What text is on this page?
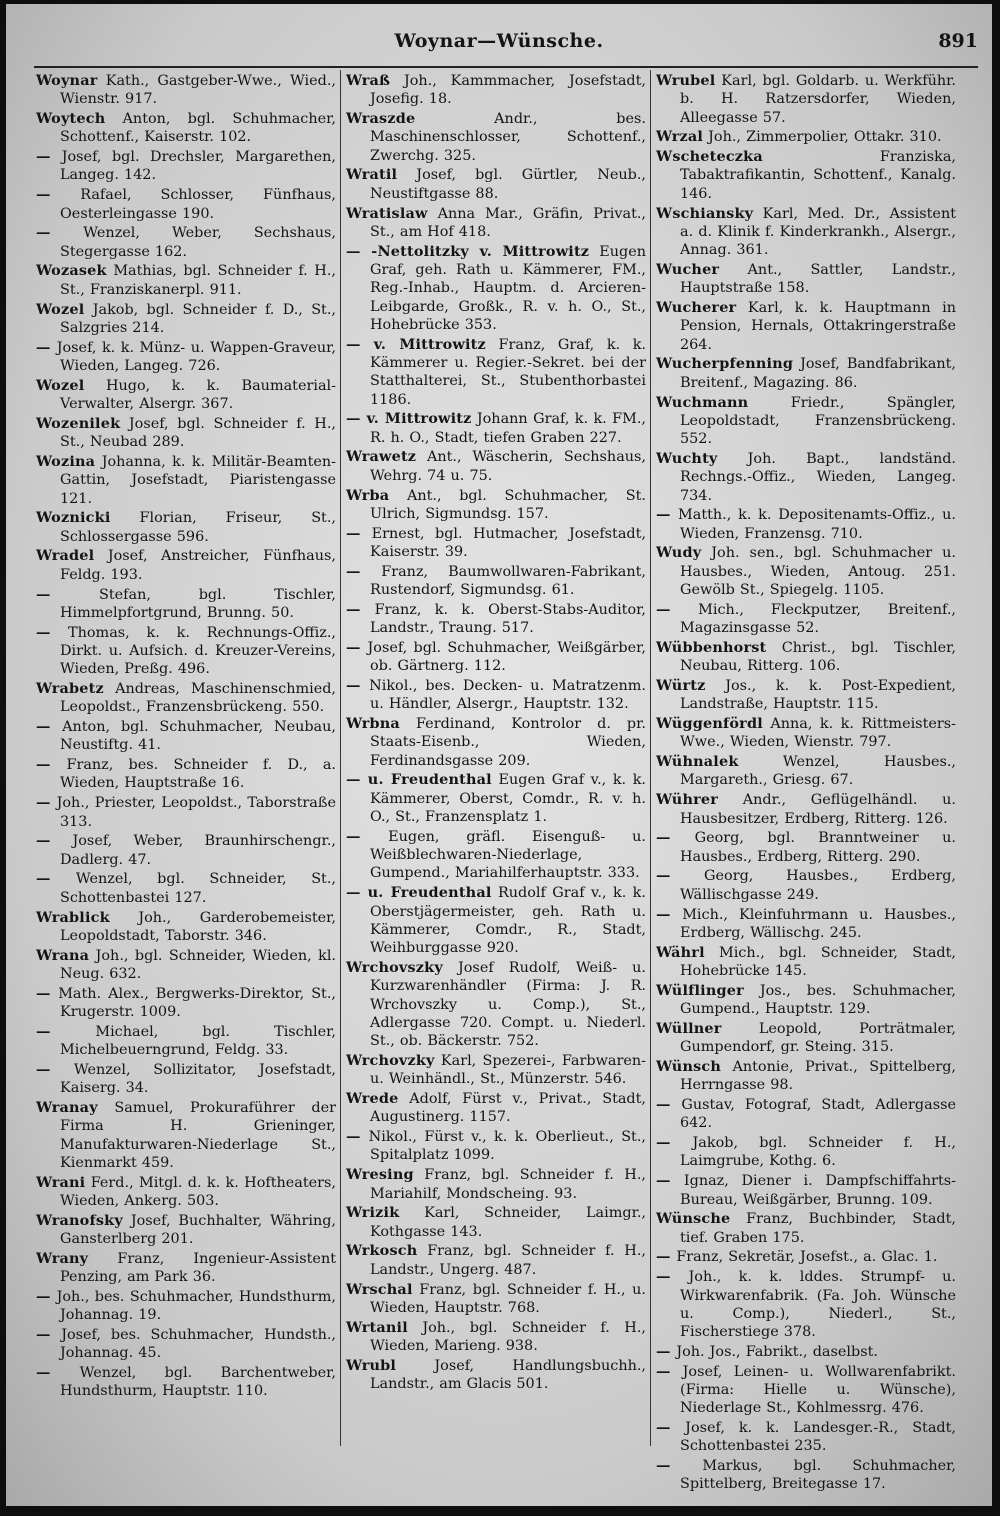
Woynar—Wünsche.	891

Woynar Kath., Gastgeber-Wwe., Wied., Wienstr. 917.

Woytech Anton, bgl. Schuhmacher, Schottenf., Kaiserstr. 102.

— Josef, bgl. Drechsler, Margarethen, Langeg. 142.

— Rafael, Schlosser, Fünfhaus, Oesterleingasse 190.

— Wenzel, Weber, Sechshaus, Stegergasse 162.

Wozasek Mathias, bgl. Schneider f. H., St., Franziskanerpl. 911.

Wozel Jakob, bgl. Schneider f. D., St., Salzgries 214.

— Josef, k. k. Münz- u. Wappen-Graveur, Wieden, Langeg. 726.

Wozel Hugo, k. k. Baumaterial-Verwalter, Alsergr. 367.

Wozenilek Josef, bgl. Schneider f. H., St., Neubad 289.

Wozina Johanna, k. k. Militär-Beamten-Gattin, Josefstadt, Piaristengasse 121.

Woznicki Florian, Friseur, St., Schlossergasse 596.

Wradel Josef, Anstreicher, Fünfhaus, Feldg. 193.

— Stefan, bgl. Tischler, Himmelpfortgrund, Brunng. 50.

— Thomas, k. k. Rechnungs-Offiz., Dirkt. u. Aufsich. d. Kreuzer-Vereins, Wieden, Preßg. 496.

Wrabetz Andreas, Maschinenschmied, Leopoldst., Franzensbrückeng. 550.

— Anton, bgl. Schuhmacher, Neubau, Neustiftg. 41.

— Franz, bes. Schneider f. D., a. Wieden, Hauptstraße 16.

— Joh., Priester, Leopoldst., Taborstraße 313.

— Josef, Weber, Braunhirschengr., Dadlerg. 47.

— Wenzel, bgl. Schneider, St., Schottenbastei 127.

Wrablick Joh., Garderobemeister, Leopoldstadt, Taborstr. 346.

Wrana Joh., bgl. Schneider, Wieden, kl. Neug. 632.

— Math. Alex., Bergwerks-Direktor, St., Krugerstr. 1009.

— Michael, bgl. Tischler, Michelbeuerngrund, Feldg. 33.

— Wenzel, Sollizitator, Josefstadt, Kaiserg. 34.

Wranay Samuel, Prokuraführer der Firma H. Grieninger, Manufakturwaren-Niederlage St., Kienmarkt 459.

Wrani Ferd., Mitgl. d. k. k. Hoftheaters, Wieden, Ankerg. 503.

Wranofsky Josef, Buchhalter, Währing, Gansterlberg 201.

Wrany Franz, Ingenieur-Assistent Penzing, am Park 36.

— Joh., bes. Schuhmacher, Hundsthurm, Johannag. 19.

— Josef, bes. Schuhmacher, Hundsth., Johannag. 45.

— Wenzel, bgl. Barchentweber, Hundsthurm, Hauptstr. 110.

Wraß Joh., Kammmacher, Josefstadt, Josefig. 18.

Wraszde	Andr., bes. Maschinenschlosser, Schottenf., Zwerchg. 325.

Wratil Josef, bgl. Gürtler, Neub., Neustiftgasse 88.

Wratislaw Anna Mar., Gräfin, Privat., St., am Hof 418.

— -Nettolitzky v. Mittrowitz Eugen Graf, geh. Rath u. Kämmerer, FM., Reg.-Inhab., Hauptm. d. Arcieren-Leibgarde, Großk., R. v. h. O., St., Hohebrücke 353.

— v. Mittrowitz Franz, Graf, k. k. Kämmerer u. Regier.-Sekret. bei der Statthalterei, St., Stubenthorbastei 1186.

— v. Mittrowitz Johann Graf, k. k. FM., R. h. O., Stadt, tiefen Graben 227.

Wrawetz Ant., Wäscherin, Sechshaus, Wehrg. 74 u. 75.

Wrba Ant., bgl. Schuhmacher, St. Ulrich, Sigmundsg. 157.

— Ernest, bgl. Hutmacher, Josefstadt, Kaiserstr. 39.

— Franz, Baumwollwaren-Fabrikant, Rustendorf, Sigmundsg. 61.

— Franz, k. k. Oberst-Stabs-Auditor, Landstr., Traung. 517.

— Josef, bgl. Schuhmacher, Weißgärber, ob. Gärtnerg. 112.

— Nikol., bes. Decken- u. Matratzenm. u. Händler, Alsergr., Hauptstr. 132.

Wrbna Ferdinand, Kontrolor d. pr. Staats-Eisenb., Wieden, Ferdinandsgasse 209.

— u. Freudenthal Eugen Graf v., k. k. Kämmerer, Oberst, Comdr., R. v. h. O., St., Franzensplatz 1.

— Eugen, gräfl. Eisenguß- u. Weißblechwaren-Niederlage, Gumpend., Mariahilferhauptstr. 333.

— u. Freudenthal Rudolf Graf v., k. k. Oberstjägermeister, geh. Rath u. Kämmerer, Comdr., R., Stadt, Weihburggasse 920.

Wrchovszky Josef Rudolf, Weiß- u. Kurzwarenhändler (Firma: J. R. Wrchovszky u. Comp.), St., Adlergasse 720. Compt. u. Niederl. St., ob. Bäckerstr. 752.

Wrchovzky Karl, Spezerei-, Farbwaren- u. Weinhändl., St., Münzerstr. 546.

Wrede Adolf, Fürst v., Privat., Stadt, Augustinerg. 1157.

— Nikol., Fürst v., k. k. Oberlieut., St., Spitalplatz 1099.

Wresing Franz, bgl. Schneider f. H., Mariahilf, Mondscheing. 93.

Wrizik Karl, Schneider, Laimgr., Kothgasse 143.

Wrkosch Franz, bgl. Schneider f. H., Landstr., Ungerg. 487.

Wrschal Franz, bgl. Schneider f. H., u. Wieden, Hauptstr. 768.

Wrtanil Joh., bgl. Schneider f. H., Wieden, Marieng. 938.

Wrubl	Josef, Handlungsbuchh., Landstr., am Glacis 501.

Wrubel Karl, bgl. Goldarb. u. Werkführ. b. H. Ratzersdorfer, Wieden, Alleegasse 57.

Wrzal Joh., Zimmerpolier, Ottakr. 310.

Wscheteczka	Franziska, Tabaktrafikantin, Schottenf., Kanalg. 146.

Wschiansky Karl, Med. Dr., Assistent a. d. Klinik f. Kinderkrankh., Alsergr., Annag. 361.

Wucher Ant., Sattler, Landstr., Hauptstraße 158.

Wucherer Karl, k. k. Hauptmann in Pension, Hernals, Ottakringerstraße 264.

Wucherpfenning Josef, Bandfabrikant, Breitenf., Magazing. 86.

Wuchmann	Friedr., Spängler, Leopoldstadt, Franzensbrückeng. 552.

Wuchty Joh. Bapt., landständ. Rechngs.-Offiz., Wieden, Langeg. 734.

— Matth., k. k. Depositenamts-Offiz., u. Wieden, Franzensg. 710.

Wudy Joh. sen., bgl. Schuhmacher u. Hausbes., Wieden, Antoug. 251. Gewölb St., Spiegelg. 1105.

— Mich., Fleckputzer, Breitenf., Magazinsgasse 52.

Wübbenhorst Christ., bgl. Tischler, Neubau, Ritterg. 106.

Würtz Jos., k. k. Post-Expedient, Landstraße, Hauptstr. 115.

Wüggenfördl Anna, k. k. Rittmeisters-Wwe., Wieden, Wienstr. 797.

Wühnalek	Wenzel, Hausbes., Margareth., Griesg. 67.

Wührer Andr., Geflügelhändl. u. Hausbesitzer, Erdberg, Ritterg. 126.

— Georg, bgl. Branntweiner u. Hausbes., Erdberg, Ritterg. 290.

— Georg, Hausbes., Erdberg, Wällischgasse 249.

— Mich., Kleinfuhrmann u. Hausbes., Erdberg, Wällischg. 245.

Währl Mich., bgl. Schneider, Stadt, Hohebrücke 145.

Wülflinger Jos., bes. Schuhmacher, Gumpend., Hauptstr. 129.

Wüllner	Leopold, Porträtmaler, Gumpendorf, gr. Steing. 315.

Wünsch Antonie, Privat., Spittelberg, Herrngasse 98.

— Gustav, Fotograf, Stadt, Adlergasse 642.

— Jakob, bgl. Schneider f. H., Laimgrube, Kothg. 6.

— Ignaz, Diener i. Dampfschiffahrts-Bureau, Weißgärber, Brunng. 109.

Wünsche Franz, Buchbinder, Stadt, tief. Graben 175.

— Franz, Sekretär, Josefst., a. Glac. 1.

— Joh., k. k. lddes. Strumpf- u. Wirkwarenfabrik. (Fa. Joh. Wünsche u. Comp.), Niederl., St., Fischerstiege 378.

— Joh. Jos., Fabrikt., daselbst.

— Josef, Leinen- u. Wollwarenfabrikt. (Firma: Hielle u. Wünsche), Niederlage St., Kohlmessrg. 476.

— Josef, k. k. Landesger.-R., Stadt, Schottenbastei 235.

— Markus, bgl. Schuhmacher, Spittelberg, Breitegasse 17.
